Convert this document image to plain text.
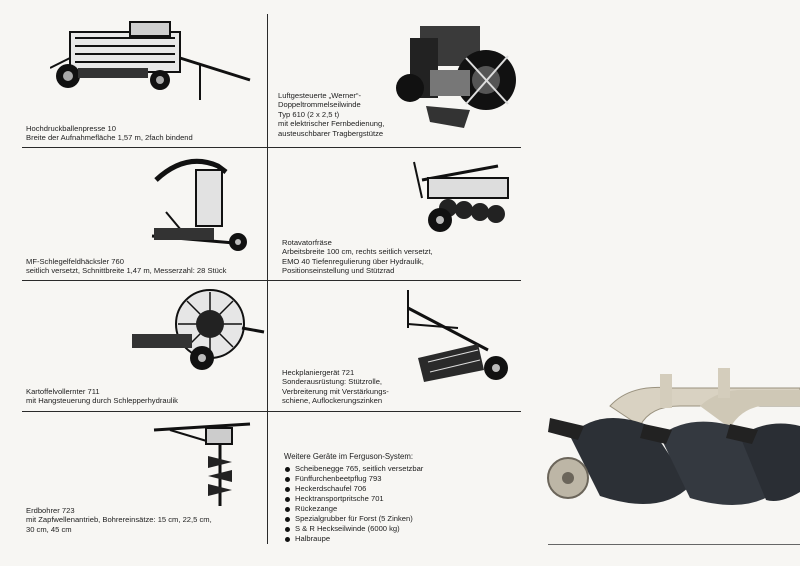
Hochdruckballenpresse 10
Breite der Aufnahmefläche 1,57 m, 2fach bindend
Luftgesteuerte „Werner“-
Doppeltrommelseilwinde
Typ 610 (2 x 2,5 t)
mit elektrischer Fernbedienung,
austeuschbarer Tragbergstütze
MF-Schlegelfeldhäcksler 760
seitlich versetzt, Schnittbreite 1,47 m, Messerzahl: 28 Stück
Rotavatorfräse
Arbeitsbreite 100 cm, rechts seitlich versetzt,
EMO 40 Tiefenregulierung über Hydraulik,
Positionseinstellung und Stützrad
Kartoffelvollernter 711
mit Hangsteuerung durch Schlepperhydraulik
Heckplaniergerät 721
Sonderausrüstung: Stützrolle,
Verbreiterung mit Verstärkungs-
schiene, Auflockerungszinken
Erdbohrer 723
mit Zapfwellenantrieb, Bohrereinsätze: 15 cm, 22,5 cm,
30 cm, 45 cm
Weitere Geräte im Ferguson-System:
Scheibenegge 765, seitlich versetzbar
Fünffurchenbeetpflug 793
Heckerdschaufel 706
Hecktransportpritsche 701
Rückezange
Spezialgrubber für Forst (5 Zinken)
S & R Heckseilwinde (6000 kg)
Halbraupe
